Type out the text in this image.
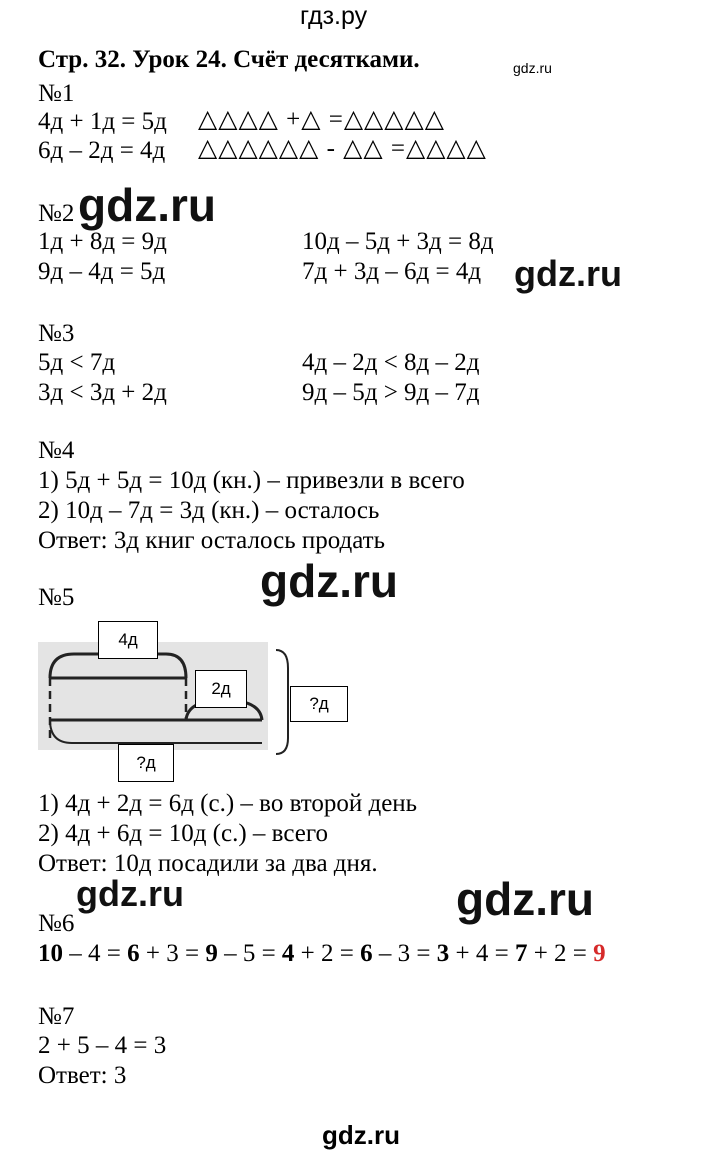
гдз.ру
Стр. 32. Урок 24. Счёт десятками.	gdz.ru
№1
4д + 1д = 5д △△△△ +△ =△△△△△
6д – 2д = 4д △△△△△△ - △△ =△△△△
№2 gdz.ru
1д + 8д = 9д	10д – 5д + 3д = 8д
9д – 4д = 5д	7д + 3д – 6д = 4д gdz.ru
№3
5д < 7д	4д – 2д < 8д – 2д
3д < 3д + 2д	9д – 5д > 9д – 7д
№4
1) 5д + 5д = 10д (кн.) – привезли в всего
2) 10д – 7д = 3д (кн.) – осталось
Ответ: 3д книг осталось продать
gdz.ru
№5
4д
2д
?д
?д
1) 4д + 2д = 6д (с.) – во второй день
2) 4д + 6д = 10д (с.) – всего
Ответ: 10д посадили за два дня.
gdz.ru	gdz.ru
№6
10 – 4 = 6 + 3 = 9 – 5 = 4 + 2 = 6 – 3 = 3 + 4 = 7 + 2 = 9
№7
2 + 5 – 4 = 3
Ответ: 3
gdz.ru
